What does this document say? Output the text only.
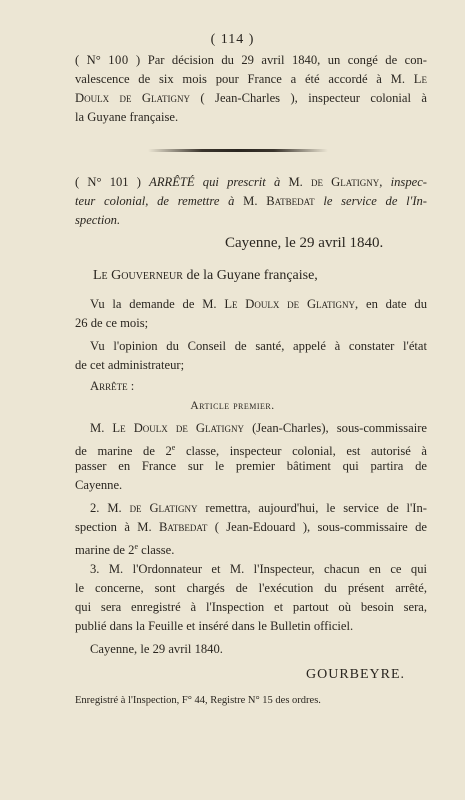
( 114 )
( N° 100 ) Par décision du 29 avril 1840, un congé de con-
valescence de six mois pour France a été accordé à M. Le
Doulx de Glatigny ( Jean-Charles ), inspecteur colonial à
la Guyane française.
( N° 101 ) ARRÊTÉ qui prescrit à M. de Glatigny, inspec-
teur colonial, de remettre à M. Batbedat le service de l'In-
spection.
Cayenne, le 29 avril 1840.
Le Gouverneur de la Guyane française,
Vu la demande de M. Le Doulx de Glatigny, en date du
26 de ce mois;
Vu l'opinion du Conseil de santé, appelé à constater l'état
de cet administrateur;
Arrête :
Article premier.
M. Le Doulx de Glatigny (Jean-Charles), sous-commissaire
de marine de 2e classe, inspecteur colonial, est autorisé à
passer en France sur le premier bâtiment qui partira de
Cayenne.
2. M. de Glatigny remettra, aujourd'hui, le service de l'In-
spection à M. Batbedat ( Jean-Edouard ), sous-commissaire de
marine de 2e classe.
3. M. l'Ordonnateur et M. l'Inspecteur, chacun en ce qui
le concerne, sont chargés de l'exécution du présent arrêté,
qui sera enregistré à l'Inspection et partout où besoin sera,
publié dans la Feuille et inséré dans le Bulletin officiel.
Cayenne, le 29 avril 1840.
GOURBEYRE.
Enregistré à l'Inspection, F° 44, Registre N° 15 des ordres.
